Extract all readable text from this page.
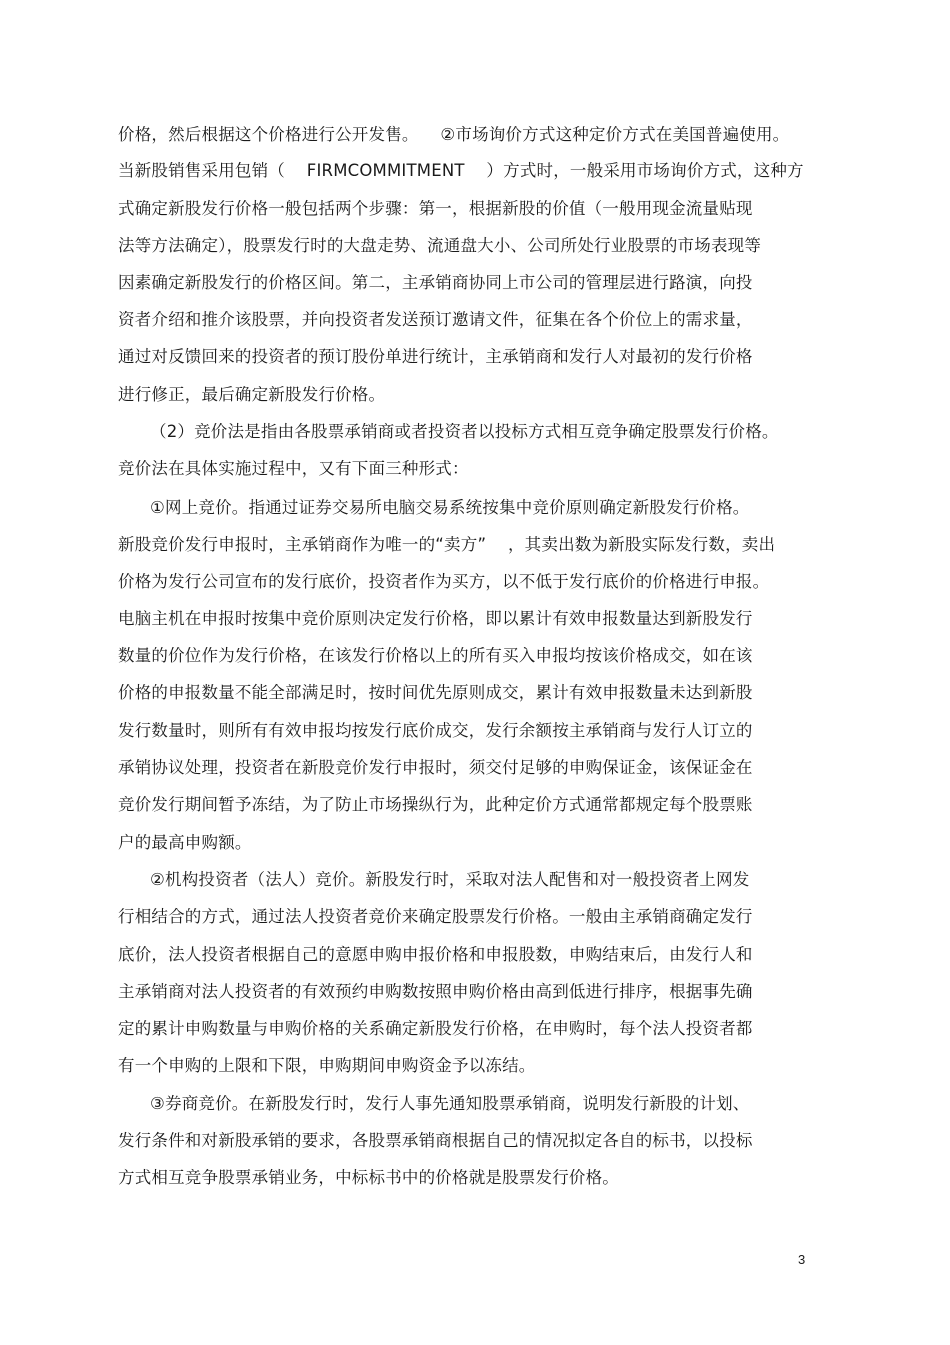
价格，然后根据这个价格进行公开发售。    ②市场询价方式这种定价方式在美国普遍使用。
当新股销售采用包销（    FIRMCOMMITMENT    ）方式时，一般采用市场询价方式，这种方
式确定新股发行价格一般包括两个步骤：第一，根据新股的价值（一般用现金流量贴现
法等方法确定），股票发行时的大盘走势、流通盘大小、公司所处行业股票的市场表现等
因素确定新股发行的价格区间。第二，主承销商协同上市公司的管理层进行路演，向投
资者介绍和推介该股票，并向投资者发送预订邀请文件，征集在各个价位上的需求量，
通过对反馈回来的投资者的预订股份单进行统计，主承销商和发行人对最初的发行价格
进行修正，最后确定新股发行价格。
（2）竞价法是指由各股票承销商或者投资者以投标方式相互竞争确定股票发行价格。
竞价法在具体实施过程中，又有下面三种形式：
①网上竞价。指通过证券交易所电脑交易系统按集中竞价原则确定新股发行价格。
新股竞价发行申报时，主承销商作为唯一的“卖方”    ，其卖出数为新股实际发行数，卖出
价格为发行公司宣布的发行底价，投资者作为买方，以不低于发行底价的价格进行申报。
电脑主机在申报时按集中竞价原则决定发行价格，即以累计有效申报数量达到新股发行
数量的价位作为发行价格，在该发行价格以上的所有买入申报均按该价格成交，如在该
价格的申报数量不能全部满足时，按时间优先原则成交，累计有效申报数量未达到新股
发行数量时，则所有有效申报均按发行底价成交，发行余额按主承销商与发行人订立的
承销协议处理，投资者在新股竞价发行申报时，须交付足够的申购保证金，该保证金在
竞价发行期间暂予冻结，为了防止市场操纵行为，此种定价方式通常都规定每个股票账
户的最高申购额。
②机构投资者（法人）竞价。新股发行时，采取对法人配售和对一般投资者上网发
行相结合的方式，通过法人投资者竞价来确定股票发行价格。一般由主承销商确定发行
底价，法人投资者根据自己的意愿申购申报价格和申报股数，申购结束后，由发行人和
主承销商对法人投资者的有效预约申购数按照申购价格由高到低进行排序，根据事先确
定的累计申购数量与申购价格的关系确定新股发行价格，在申购时，每个法人投资者都
有一个申购的上限和下限，申购期间申购资金予以冻结。
③券商竞价。在新股发行时，发行人事先通知股票承销商，说明发行新股的计划、
发行条件和对新股承销的要求，各股票承销商根据自己的情况拟定各自的标书，以投标
方式相互竞争股票承销业务，中标标书中的价格就是股票发行价格。
3
